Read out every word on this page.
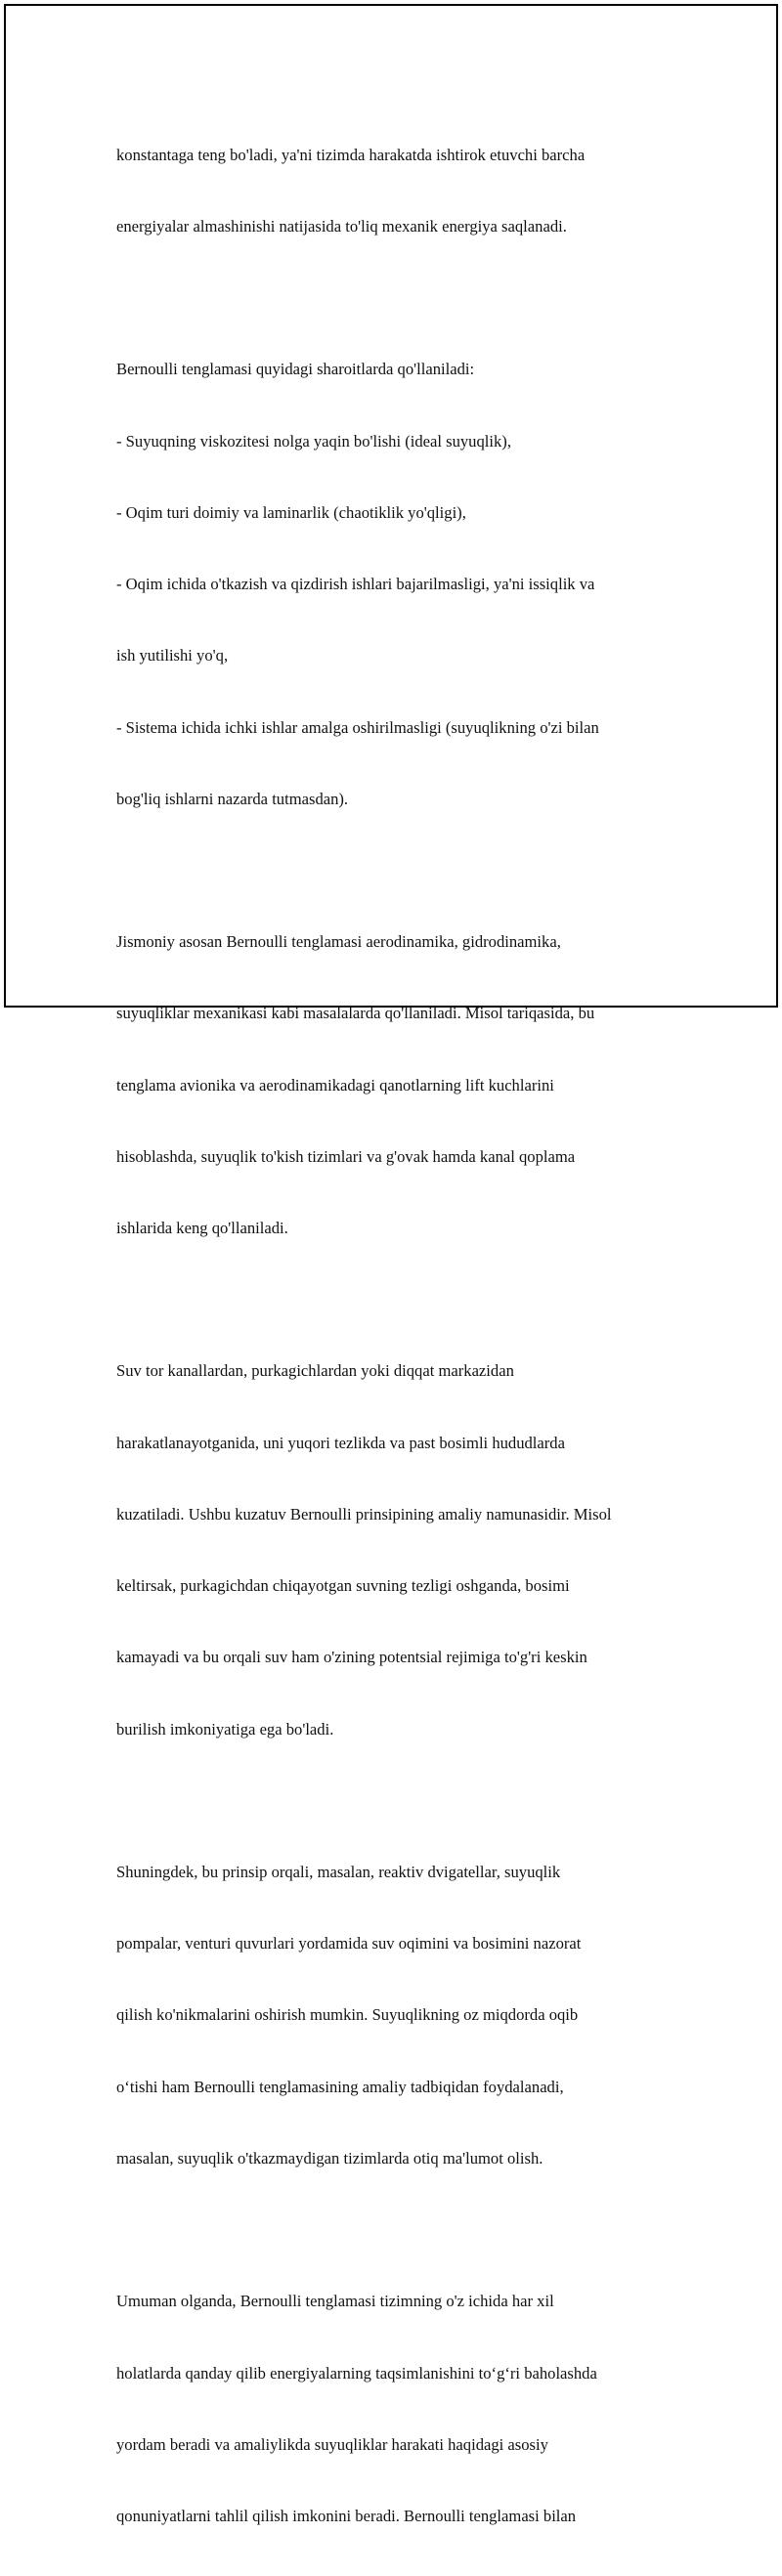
konstantaga teng bo'ladi, ya'ni tizimda harakatda ishtirok etuvchi barcha

energiyalar almashinishi natijasida to'liq mexanik energiya saqlanadi.

Bernoulli tenglamasi quyidagi sharoitlarda qo'llaniladi:

- Suyuqning viskozitesi nolga yaqin bo'lishi (ideal suyuqlik),

- Oqim turi doimiy va laminarlik (chaotiklik yo'qligi),

- Oqim ichida o'tkazish va qizdirish ishlari bajarilmasligi, ya'ni issiqlik va

ish yutilishi yo'q,

- Sistema ichida ichki ishlar amalga oshirilmasligi (suyuqlikning o'zi bilan

bog'liq ishlarni nazarda tutmasdan).

Jismoniy asosan Bernoulli tenglamasi aerodinamika, gidrodinamika,

suyuqliklar mexanikasi kabi masalalarda qo'llaniladi. Misol tariqasida, bu

tenglama avionika va aerodinamikadagi qanotlarning lift kuchlarini

hisoblashda, suyuqlik to'kish tizimlari va g'ovak hamda kanal qoplama

ishlarida keng qo'llaniladi.

Suv tor kanallardan, purkagichlardan yoki diqqat markazidan

harakatlanayotganida, uni yuqori tezlikda va past bosimli hududlarda

kuzatiladi. Ushbu kuzatuv Bernoulli prinsipining amaliy namunasidir. Misol

keltirsak, purkagichdan chiqayotgan suvning tezligi oshganda, bosimi

kamayadi va bu orqali suv ham o'zining potentsial rejimiga to'g'ri keskin

burilish imkoniyatiga ega bo'ladi.

Shuningdek, bu prinsip orqali, masalan, reaktiv dvigatellar, suyuqlik

pompalar, venturi quvurlari yordamida suv oqimini va bosimini nazorat

qilish ko'nikmalarini oshirish mumkin. Suyuqlikning oz miqdorda oqib

o‘tishi ham Bernoulli tenglamasining amaliy tadbiqidan foydalanadi,

masalan, suyuqlik o'tkazmaydigan tizimlarda otiq ma'lumot olish.

Umuman olganda, Bernoulli tenglamasi tizimning o'z ichida har xil

holatlarda qanday qilib energiyalarning taqsimlanishini to‘g‘ri baholashda

yordam beradi va amaliylikda suyuqliklar harakati haqidagi asosiy

qonuniyatlarni tahlil qilish imkonini beradi. Bernoulli tenglamasi bilan
